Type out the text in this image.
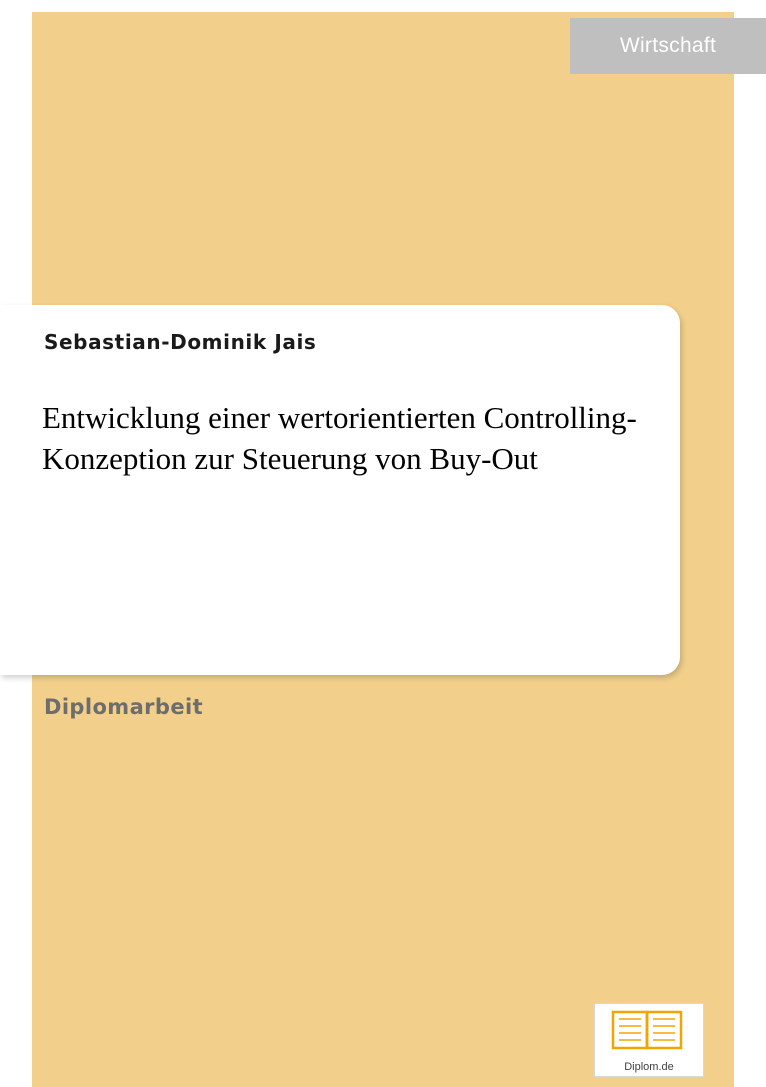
Wirtschaft
Sebastian-Dominik Jais
Entwicklung einer wertorientierten Controlling-Konzeption zur Steuerung von Buy-Out
Diplomarbeit
Diplom.de
